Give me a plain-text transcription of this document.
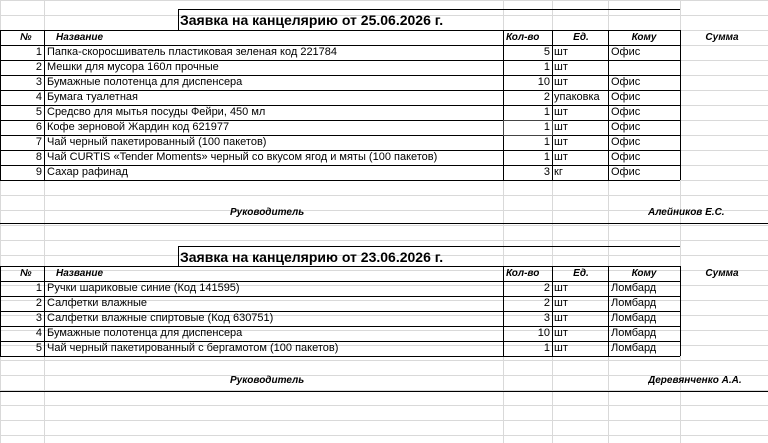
Заявка на канцелярию от 25.06.2026 г.
№	Название	Кол-во	Ед.	Кому	Сумма
1 Папка-скоросшиватель пластиковая зеленая код 221784	5 шт	Офис
2 Мешки для мусора 160л прочные	1 шт
3 Бумажные полотенца для диспенсера	10 шт	Офис
4 Бумага туалетная	2 упаковка	Офис
5 Средсво для мытья посуды Фейри, 450 мл	1 шт	Офис
6 Кофе зерновой Жардин код 621977	1 шт	Офис
7 Чай черный пакетированный (100 пакетов)	1 шт	Офис
8 Чай CURTIS «Tender Moments» черный со вкусом ягод и мяты (100 пакетов)	1 шт	Офис
9 Сахар рафинад	3 кг	Офис
Руководитель	Алейников Е.С.
Заявка на канцелярию от 23.06.2026 г.
№	Название	Кол-во	Ед.	Кому	Сумма
1 Ручки шариковые синие (Код 141595)	2 шт	Ломбард
2 Салфетки влажные	2 шт	Ломбард
3 Салфетки влажные спиртовые (Код 630751)	3 шт	Ломбард
4 Бумажные полотенца для диспенсера	10 шт	Ломбард
5 Чай черный пакетированный с бергамотом (100 пакетов)	1 шт	Ломбард
Руководитель	Деревянченко А.А.
